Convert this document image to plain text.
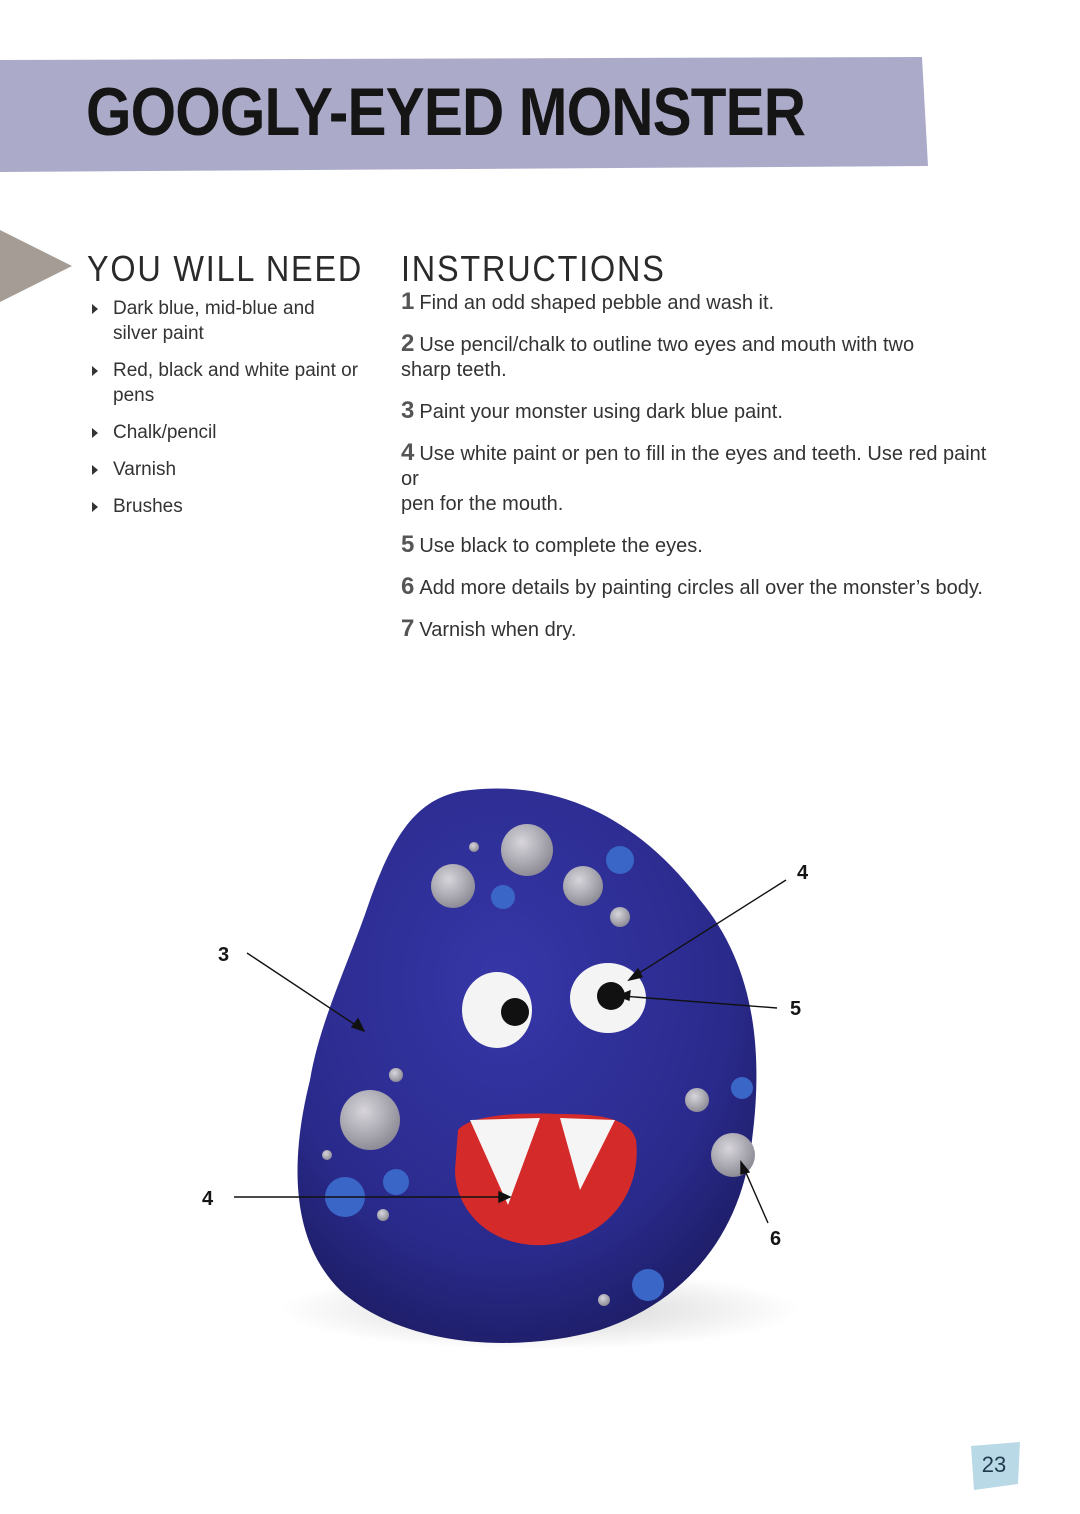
GOOGLY-EYED MONSTER
YOU WILL NEED
Dark blue, mid-blue and
silver paint
Red, black and white paint or pens
Chalk/pencil
Varnish
Brushes
INSTRUCTIONS
1 Find an odd shaped pebble and wash it.
2 Use pencil/chalk to outline two eyes and mouth with two
sharp teeth.
3 Paint your monster using dark blue paint.
4 Use white paint or pen to fill in the eyes and teeth. Use red paint or
pen for the mouth.
5 Use black to complete the eyes.
6 Add more details by painting circles all over the monster’s body.
7 Varnish when dry.
4
3
5
4
6
23
